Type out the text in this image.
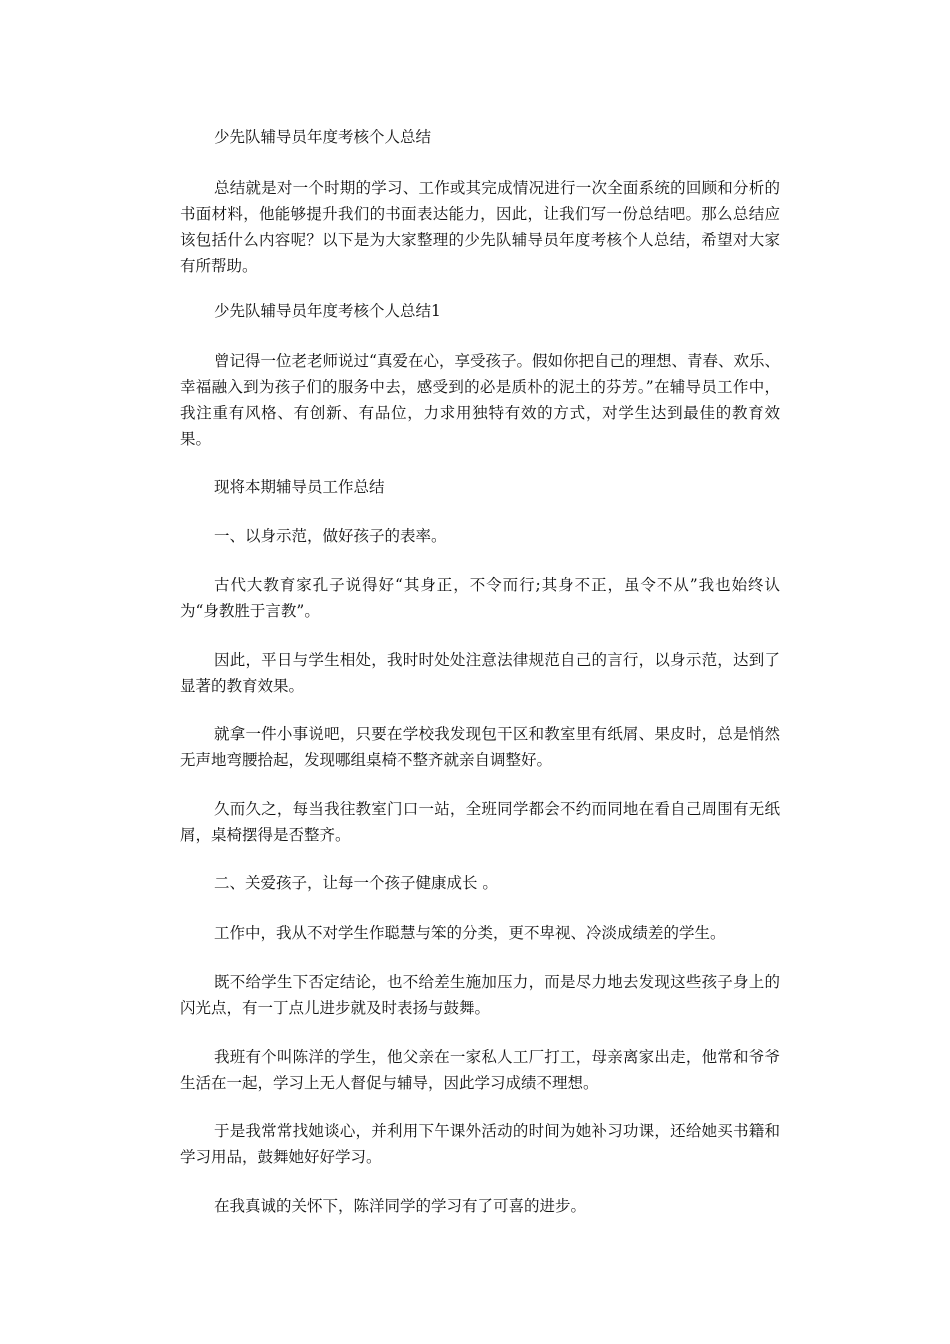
少先队辅导员年度考核个人总结

总结就是对一个时期的学习、工作或其完成情况进行一次全面系统的回顾和分析的书面材料，他能够提升我们的书面表达能力，因此，让我们写一份总结吧。那么总结应该包括什么内容呢？以下是为大家整理的少先队辅导员年度考核个人总结，希望对大家有所帮助。

少先队辅导员年度考核个人总结1

曾记得一位老老师说过“真爱在心，享受孩子。假如你把自己的理想、青春、欢乐、幸福融入到为孩子们的服务中去，感受到的必是质朴的泥土的芬芳。”在辅导员工作中，我注重有风格、有创新、有品位，力求用独特有效的方式，对学生达到最佳的教育效果。

现将本期辅导员工作总结

一、以身示范，做好孩子的表率。

古代大教育家孔子说得好“其身正，不令而行;其身不正，虽令不从”我也始终认为“身教胜于言教”。

因此，平日与学生相处，我时时处处注意法律规范自己的言行，以身示范，达到了显著的教育效果。

就拿一件小事说吧，只要在学校我发现包干区和教室里有纸屑、果皮时，总是悄然无声地弯腰拾起，发现哪组桌椅不整齐就亲自调整好。

久而久之，每当我往教室门口一站，全班同学都会不约而同地在看自己周围有无纸屑，桌椅摆得是否整齐。

二、关爱孩子，让每一个孩子健康成长 。

工作中，我从不对学生作聪慧与笨的分类，更不卑视、冷淡成绩差的学生。

既不给学生下否定结论，也不给差生施加压力，而是尽力地去发现这些孩子身上的闪光点，有一丁点儿进步就及时表扬与鼓舞。

我班有个叫陈洋的学生，他父亲在一家私人工厂打工，母亲离家出走，他常和爷爷生活在一起，学习上无人督促与辅导，因此学习成绩不理想。

于是我常常找她谈心，并利用下午课外活动的时间为她补习功课，还给她买书籍和学习用品，鼓舞她好好学习。

在我真诚的关怀下，陈洋同学的学习有了可喜的进步。
